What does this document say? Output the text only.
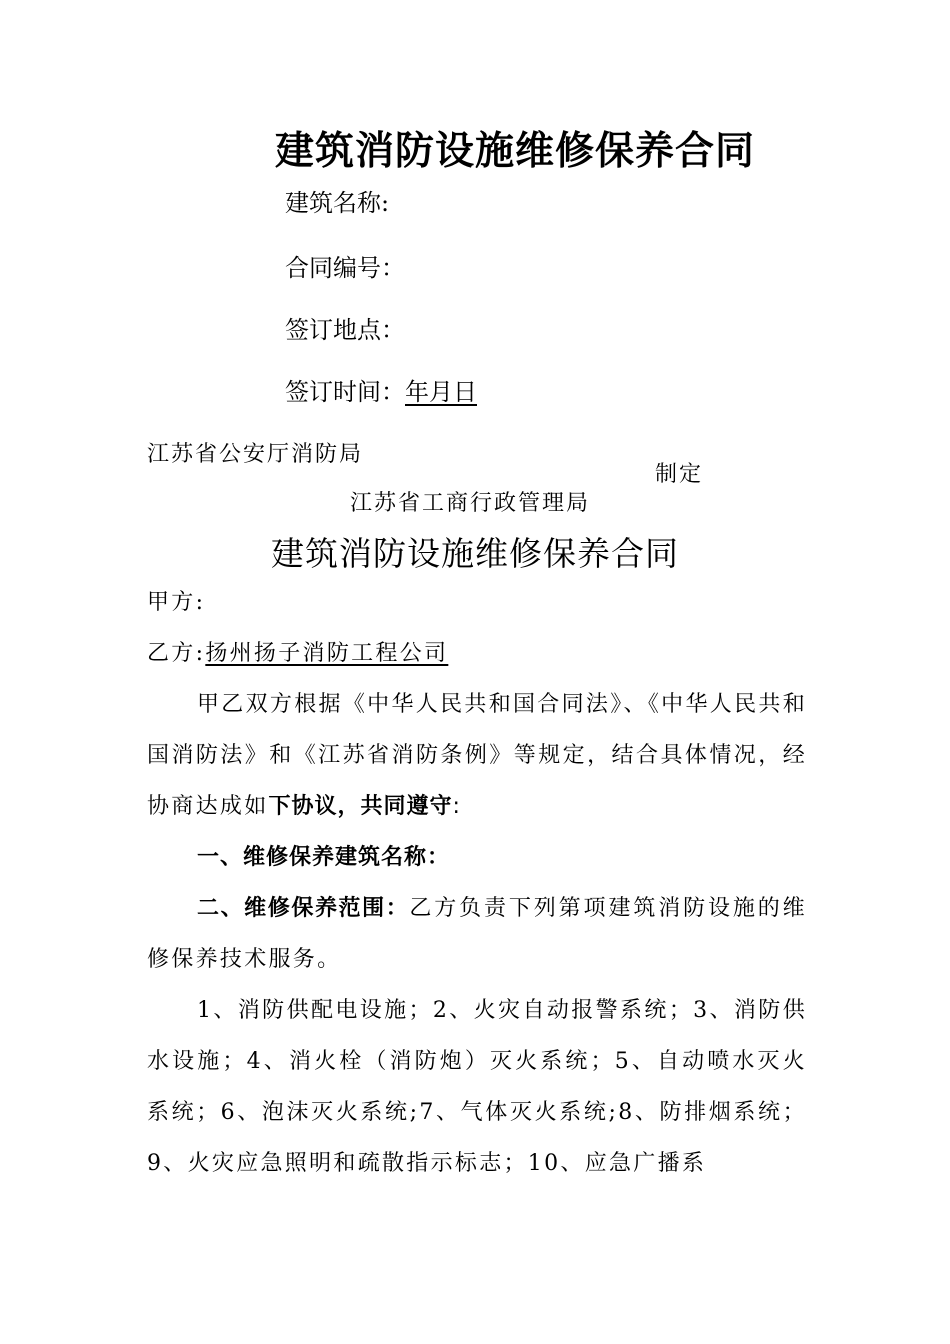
建筑消防设施维修保养合同
建筑名称:
合同编号：
签订地点：
签订时间：年月日
江苏省公安厅消防局
制定
江苏省工商行政管理局
建筑消防设施维修保养合同

甲方:

乙方:扬州扬子消防工程公司

甲乙双方根据《中华人民共和国合同法》、《中华人民共和国消防法》和《江苏省消防条例》等规定，结合具体情况，经协商达成如下协议，共同遵守:

一、维修保养建筑名称：

二、维修保养范围：乙方负责下列第项建筑消防设施的维修保养技术服务。

1、消防供配电设施；2、火灾自动报警系统；3、消防供水设施；4、消火栓（消防炮）灭火系统；5、自动喷水灭火系统；6、泡沫灭火系统;7、气体灭火系统;8、防排烟系统；9、火灾应急照明和疏散指示标志；10、应急广播系
